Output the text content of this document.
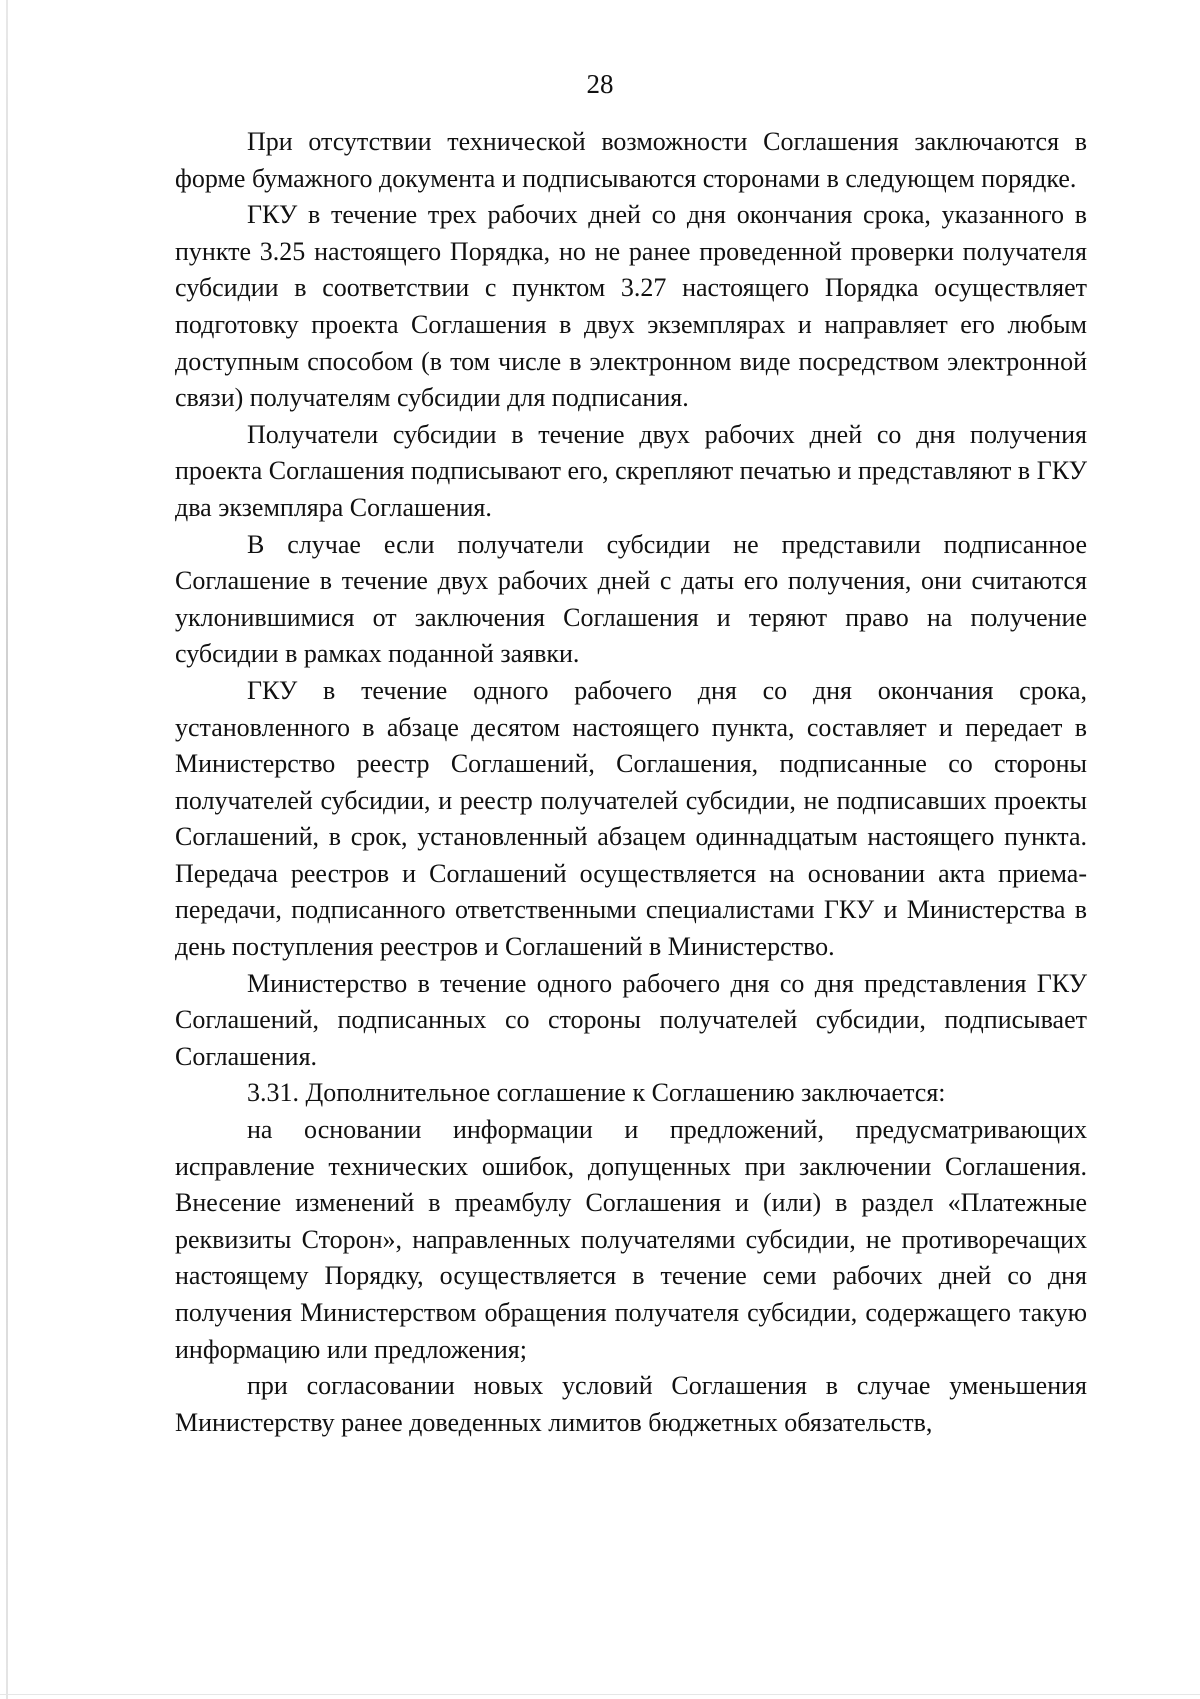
28

При отсутствии технической возможности Соглашения заключаются в форме бумажного документа и подписываются сторонами в следующем порядке.

ГКУ в течение трех рабочих дней со дня окончания срока, указанного в пункте 3.25 настоящего Порядка, но не ранее проведенной проверки получателя субсидии в соответствии с пунктом 3.27 настоящего Порядка осуществляет подготовку проекта Соглашения в двух экземплярах и направляет его любым доступным способом (в том числе в электронном виде посредством электронной связи) получателям субсидии для подписания.

Получатели субсидии в течение двух рабочих дней со дня получения проекта Соглашения подписывают его, скрепляют печатью и представляют в ГКУ два экземпляра Соглашения.

В случае если получатели субсидии не представили подписанное Соглашение в течение двух рабочих дней с даты его получения, они считаются уклонившимися от заключения Соглашения и теряют право на получение субсидии в рамках поданной заявки.

ГКУ в течение одного рабочего дня со дня окончания срока, установленного в абзаце десятом настоящего пункта, составляет и передает в Министерство реестр Соглашений, Соглашения, подписанные со стороны получателей субсидии, и реестр получателей субсидии, не подписавших проекты Соглашений, в срок, установленный абзацем одиннадцатым настоящего пункта. Передача реестров и Соглашений осуществляется на основании акта приема-передачи, подписанного ответственными специалистами ГКУ и Министерства в день поступления реестров и Соглашений в Министерство.

Министерство в течение одного рабочего дня со дня представления ГКУ Соглашений, подписанных со стороны получателей субсидии, подписывает Соглашения.

3.31. Дополнительное соглашение к Соглашению заключается:

на основании информации и предложений, предусматривающих исправление технических ошибок, допущенных при заключении Соглашения. Внесение изменений в преамбулу Соглашения и (или) в раздел «Платежные реквизиты Сторон», направленных получателями субсидии, не противоречащих настоящему Порядку, осуществляется в течение семи рабочих дней со дня получения Министерством обращения получателя субсидии, содержащего такую информацию или предложения;

при согласовании новых условий Соглашения в случае уменьшения Министерству ранее доведенных лимитов бюджетных обязательств,
